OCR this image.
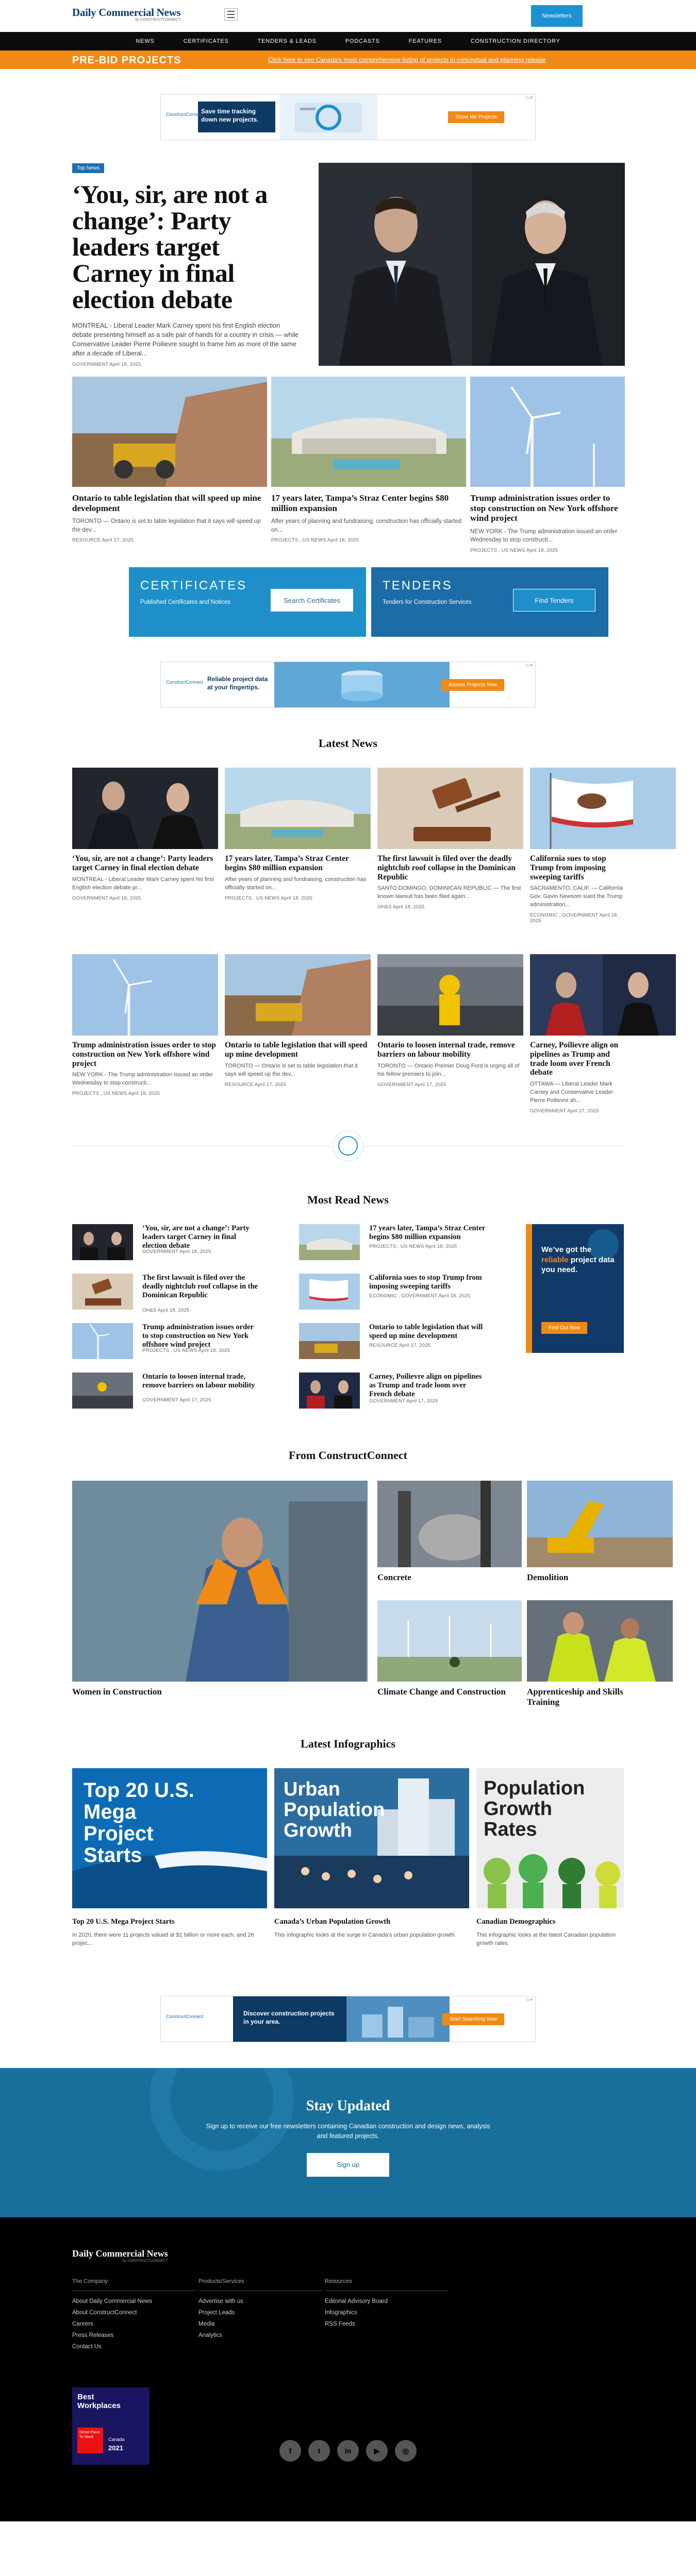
Daily Commercial News
by CONSTRUCTCONNECT
Newsletters
NEWS	CERTIFICATES	TENDERS & LEADS	PODCASTS	FEATURES	CONSTRUCTION DIRECTORY
PRE-BID PROJECTS	Click here to see Canada's most comprehensive listing of projects in conceptual and planning release
ConstructConnect
Save time tracking down new projects.	Show Me Projects
▷✕
Top News
‘You, sir, are not a change’: Party leaders target Carney in final election debate
MONTREAL - Liberal Leader Mark Carney spent his first English election debate presenting himself as a safe pair of hands for a country in crisis — while Conservative Leader Pierre Poilievre sought to frame him as more of the same after a decade of Liberal...
GOVERNMENT April 18, 2025
Ontario to table legislation that will speed up mine development
TORONTO — Ontario is set to table legislation that it says will speed up the dev...
RESOURCE April 17, 2025
17 years later, Tampa’s Straz Center begins $80 million expansion
After years of planning and fundraising, construction has officially started on...
PROJECTS , US NEWS April 18, 2025
Trump administration issues order to stop construction on New York offshore wind project
NEW YORK - The Trump administration issued an order Wednesday to stop constructi...
PROJECTS , US NEWS April 18, 2025
CERTIFICATES
Published Certificates and Notices	Search Certificates
TENDERS
Tenders for Construction Services	Find Tenders
ConstructConnect Reliable project data at your fingertips.	Access Projects Now
▷✕
Latest News
‘You, sir, are not a change’: Party leaders target Carney in final election debate
MONTREAL - Liberal Leader Mark Carney spent his first English election debate pr...
GOVERNMENT April 18, 2025
17 years later, Tampa’s Straz Center begins $80 million expansion
After years of planning and fundraising, construction has officially started on...
PROJECTS , US NEWS April 18, 2025
The first lawsuit is filed over the deadly nightclub roof collapse in the Dominican Republic
SANTO DOMINGO, DOMINICAN REPUBLIC — The first known lawsuit has been filed again...
OH&S April 18, 2025
California sues to stop Trump from imposing sweeping tariffs
SACRAMENTO, CALIF. — California Gov. Gavin Newsom sued the Trump administration...
ECONOMIC , GOVERNMENT April 18, 2025
Trump administration issues order to stop construction on New York offshore wind project
NEW YORK - The Trump administration issued an order Wednesday to stop constructi...
PROJECTS , US NEWS April 18, 2025
Ontario to table legislation that will speed up mine development
TORONTO — Ontario is set to table legislation that it says will speed up the dev...
RESOURCE April 17, 2025
Ontario to loosen internal trade, remove barriers on labour mobility
TORONTO — Ontario Premier Doug Ford is urging all of his fellow premiers to join...
GOVERNMENT April 17, 2025
Carney, Poilievre align on pipelines as Trump and trade loom over French debate
OTTAWA — Liberal Leader Mark Carney and Conservative Leader Pierre Poilievre ah...
GOVERNMENT April 17, 2025
Most Read News
‘You, sir, are not a change’: Party leaders target Carney in final election debate
GOVERNMENT April 18, 2025
The first lawsuit is filed over the deadly nightclub roof collapse in the Dominican Republic
OH&S April 18, 2025
Trump administration issues order to stop construction on New York offshore wind project
PROJECTS , US NEWS April 18, 2025
Ontario to loosen internal trade, remove barriers on labour mobility
GOVERNMENT April 17, 2025
17 years later, Tampa’s Straz Center begins $80 million expansion
PROJECTS , US NEWS April 18, 2025
California sues to stop Trump from imposing sweeping tariffs
ECONOMIC , GOVERNMENT April 18, 2025
Ontario to table legislation that will speed up mine development
RESOURCE April 17, 2025
Carney, Poilievre align on pipelines as Trump and trade loom over French debate
GOVERNMENT April 17, 2025
We’ve got the reliable project data you need.
Find Out Now
From ConstructConnect
Women in Construction
Concrete	Demolition
Climate Change and Construction	Apprenticeship and Skills Training
Latest Infographics
Top 20 U.S. Mega Project Starts
Top 20 U.S. Mega Project Starts
In 2020, there were 11 projects valued at $1 billion or more each, and 26 projec...
Urban Population Growth
Canada’s Urban Population Growth
This infographic looks at the surge in Canada’s urban population growth.
Population Growth Rates
Canadian Demographics
This infographic looks at the latest Canadian population growth rates.
ConstructConnect	Discover construction projects in your area.	Start Searching Now
▷✕
Stay Updated

Sign up to receive our free newsletters containing Canadian construction and design news, analysis and featured projects.

Sign up
Daily Commercial News
by CONSTRUCTCONNECT
The Company
About Daily Commercial News
About ConstructConnect
Careers
Press Releases
Contact Us
Products/Services
Advertise with us
Project Leads
Media
Analytics
Resources
Editorial Advisory Board
Infographics
RSS Feeds
Best
Workplaces
Great Place To Work
Canada
2021	f	t	in	▶	◎
